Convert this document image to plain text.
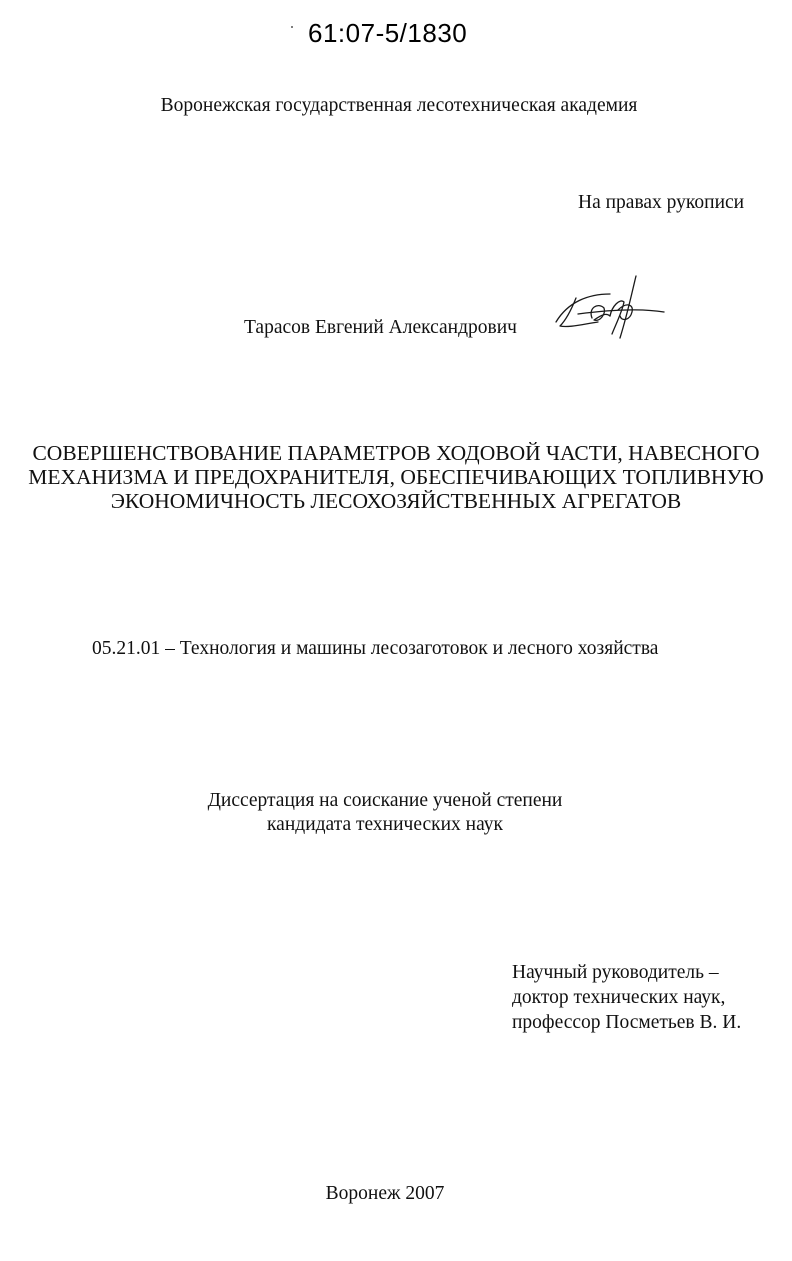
61:07-5/1830
Воронежская государственная лесотехническая академия
На правах рукописи
Тарасов Евгений Александрович
СОВЕРШЕНСТВОВАНИЕ ПАРАМЕТРОВ ХОДОВОЙ ЧАСТИ, НАВЕСНОГО
МЕХАНИЗМА И ПРЕДОХРАНИТЕЛЯ, ОБЕСПЕЧИВАЮЩИХ ТОПЛИВНУЮ
ЭКОНОМИЧНОСТЬ ЛЕСОХОЗЯЙСТВЕННЫХ АГРЕГАТОВ
05.21.01 – Технология и машины лесозаготовок и лесного хозяйства
Диссертация на соискание ученой степени
кандидата технических наук
Научный руководитель –
доктор технических наук,
профессор Посметьев В. И.
Воронеж 2007
